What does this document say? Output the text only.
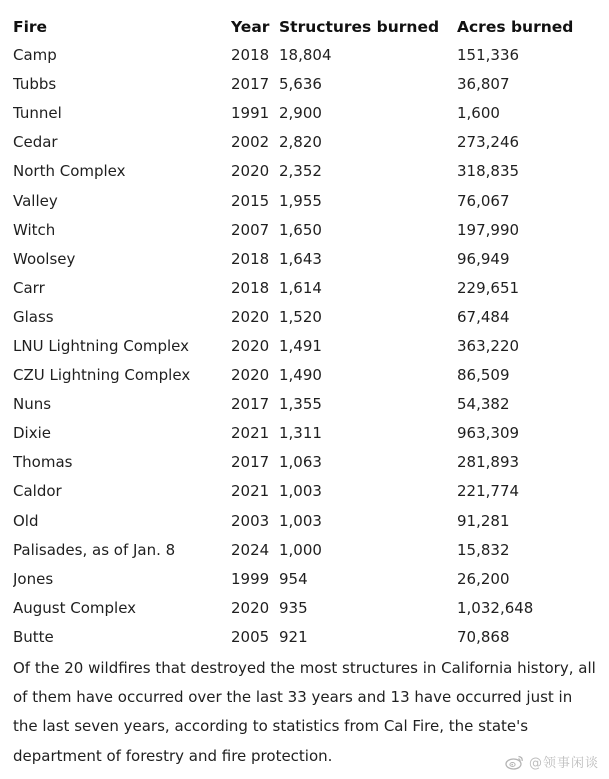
Fire	Year	Structures burned	Acres burned
Camp	2018	18,804	151,336
Tubbs	2017	5,636	36,807
Tunnel	1991	2,900	1,600
Cedar	2002	2,820	273,246
North Complex	2020	2,352	318,835
Valley	2015	1,955	76,067
Witch	2007	1,650	197,990
Woolsey	2018	1,643	96,949
Carr	2018	1,614	229,651
Glass	2020	1,520	67,484
LNU Lightning Complex	2020	1,491	363,220
CZU Lightning Complex	2020	1,490	86,509
Nuns	2017	1,355	54,382
Dixie	2021	1,311	963,309
Thomas	2017	1,063	281,893
Caldor	2021	1,003	221,774
Old	2003	1,003	91,281
Palisades, as of Jan. 8	2024	1,000	15,832
Jones	1999	954	26,200
August Complex	2020	935	1,032,648
Butte	2005	921	70,868

Of the 20 wildfires that destroyed the most structures in California history, all of them have occurred over the last 33 years and 13 have occurred just in the last seven years, according to statistics from Cal Fire, the state's department of forestry and fire protection.	@领事闲谈
